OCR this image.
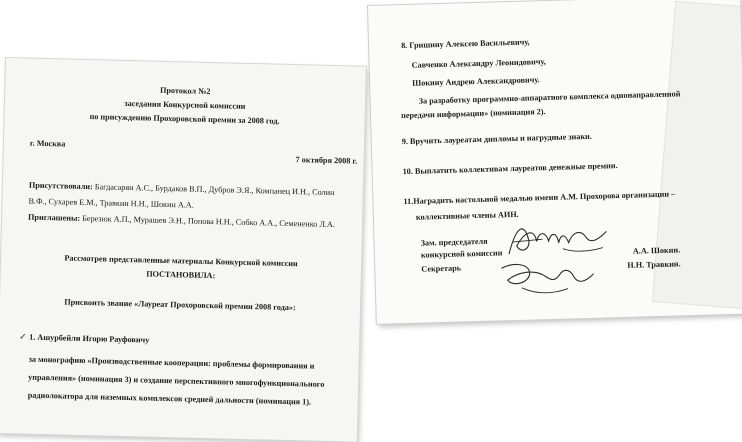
Протокол №2
заседания Конкурсной комиссии
по присуждению Прохоровской премии за 2008 год.
г. Москва
7 октября 2008 г.
Присутствовали: Багдасарян А.С., Бурдаков В.П., Дубров Э.Я., Компанец И.Н., Солин
В.Ф., Сухарев Е.М., Травкин Н.Н., Шокин А.А.
Приглашены: Березюк А.П., Мурашев Э.Н., Попова Н.Н., Собко А.А., Семененко Л.А.
Рассмотрев представленные материалы Конкурсной комиссии
ПОСТАНОВИЛА:
Присвоить звание «Лауреат Прохоровской премии 2008 года»:
✓ 1. Ашурбейли Игорю Рауфовичу
за монографию «Производственные кооперации: проблемы формирования и
управления» (номинация 3) и создание перспективного многофункционального
радиолокатора для наземных комплексов средней дальности (номинация 1).
8. Гришину Алексею Васильевичу,
Савченко Александру Леонидовичу,
Шокину Андрею Александровичу.
За разработку программно-аппаратного комплекса однонаправленной
передачи информации» (номинация 2).
9. Вручить лауреатам дипломы и нагрудные знаки.
10. Выплатить коллективам лауреатов денежные премии.
11.Наградить настольной медалью имени А.М. Прохорова организации –
коллективные члены АИН.
Зам. председателя
конкурсной комиссии	А.А. Шокин.
Секретарь	Н.Н. Травкин.
